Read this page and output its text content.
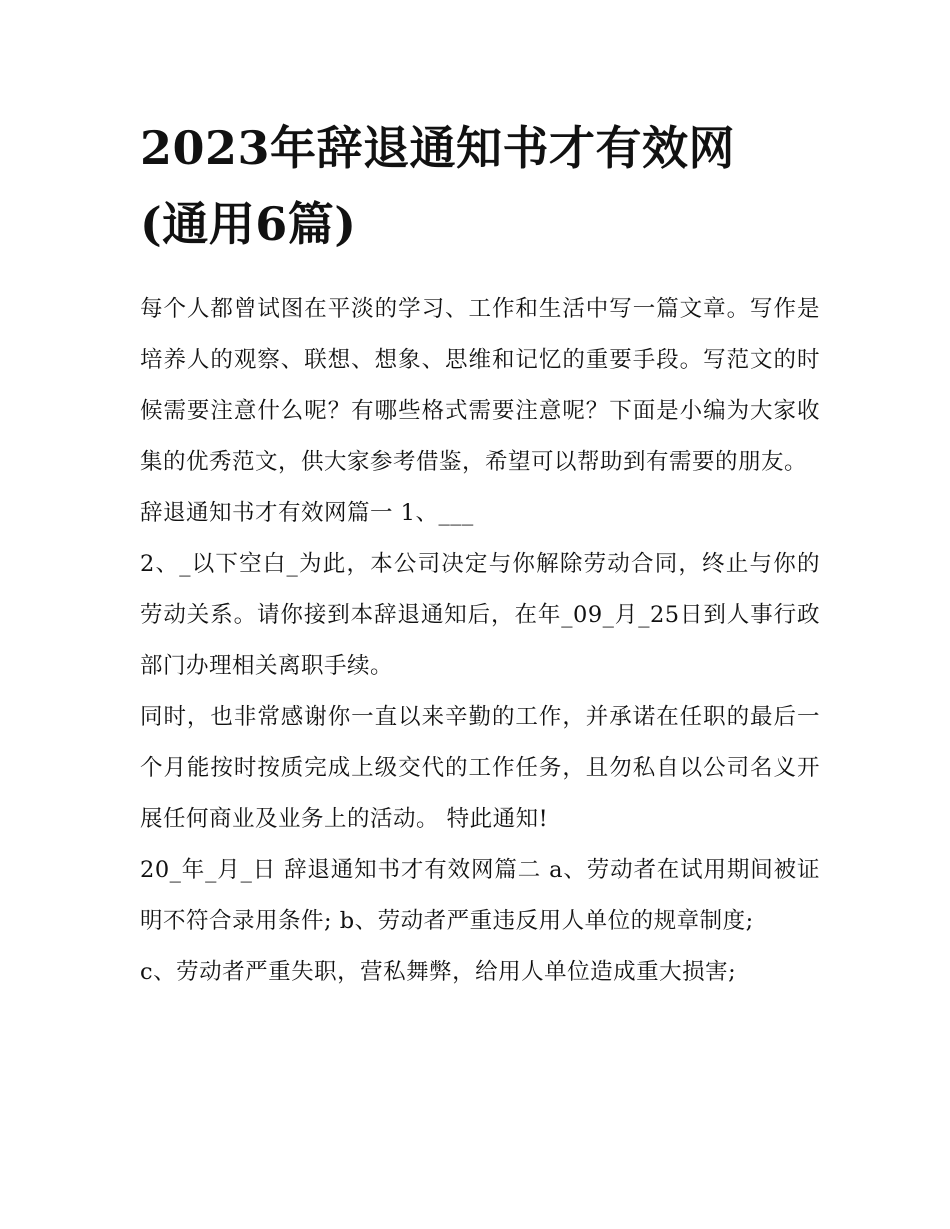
2023年辞退通知书才有效网
(通用6篇)

每个人都曾试图在平淡的学习、工作和生活中写一篇文章。写作是培养人的观察、联想、想象、思维和记忆的重要手段。写范文的时候需要注意什么呢？有哪些格式需要注意呢？下面是小编为大家收集的优秀范文，供大家参考借鉴，希望可以帮助到有需要的朋友。

辞退通知书才有效网篇一 1、___

2、_以下空白_为此，本公司决定与你解除劳动合同，终止与你的劳动关系。请你接到本辞退通知后，在年_09_月_25日到人事行政部门办理相关离职手续。

同时，也非常感谢你一直以来辛勤的工作，并承诺在任职的最后一个月能按时按质完成上级交代的工作任务，且勿私自以公司名义开展任何商业及业务上的活动。 特此通知!

20_年_月_日 辞退通知书才有效网篇二 a、劳动者在试用期间被证明不符合录用条件; b、劳动者严重违反用人单位的规章制度;

c、劳动者严重失职，营私舞弊，给用人单位造成重大损害;
